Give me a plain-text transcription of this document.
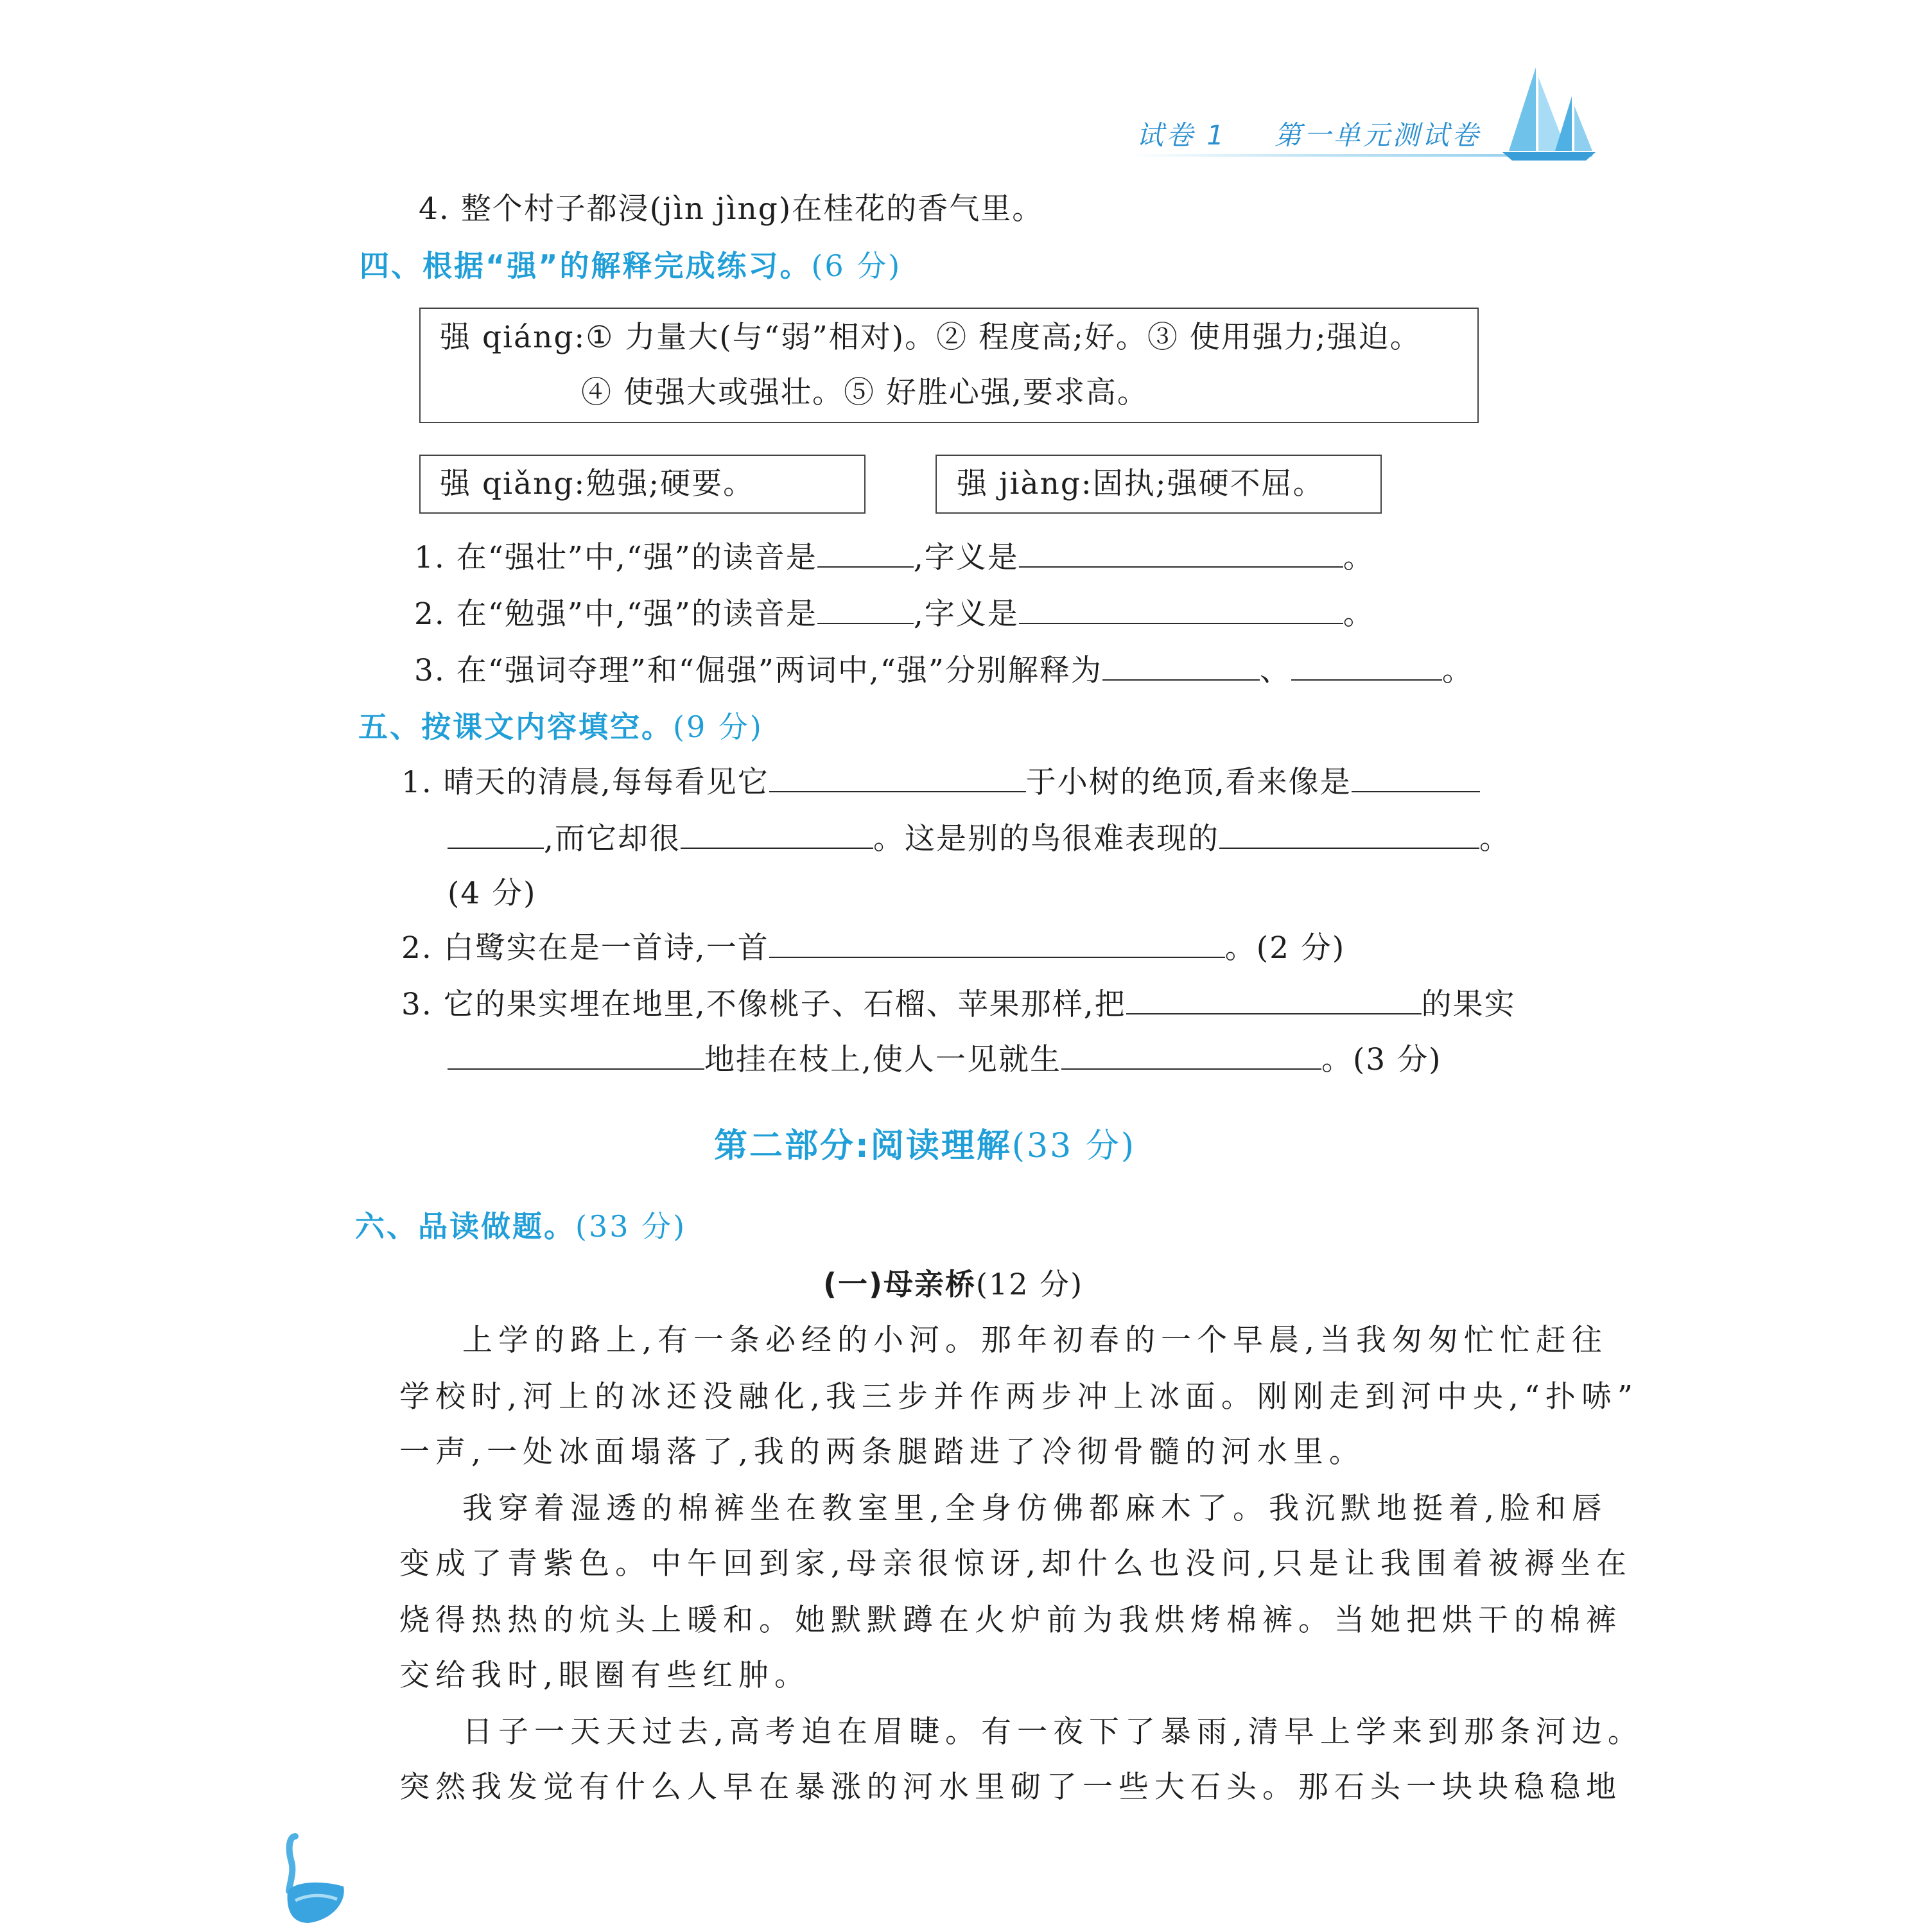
试卷 1 第一单元测试卷
4. 整个村子都浸(jìn jìng)在桂花的香气里。
四、根据“强”的解释完成练习。(6 分)
强 qiáng:① 力量大(与“弱”相对)。② 程度高;好。③ 使用强力;强迫。
④ 使强大或强壮。⑤ 好胜心强,要求高。
强 qiǎng:勉强;硬要。	强 jiàng:固执;强硬不屈。
1. 在“强壮”中,“强”的读音是	,字义是	。
2. 在“勉强”中,“强”的读音是	,字义是	。
3. 在“强词夺理”和“倔强”两词中,“强”分别解释为	、	。
五、按课文内容填空。(9 分)
1. 晴天的清晨,每每看见它	于小树的绝顶,看来像是
,而它却很	。这是别的鸟很难表现的	。
(4 分)
2. 白鹭实在是一首诗,一首	。(2 分)
3. 它的果实埋在地里,不像桃子、石榴、苹果那样,把	的果实
地挂在枝上,使人一见就生	。(3 分)
第二部分:阅读理解(33 分)
六、品读做题。(33 分)
(一)母亲桥(12 分)
上学的路上,有一条必经的小河。那年初春的一个早晨,当我匆匆忙忙赶往
学校时,河上的冰还没融化,我三步并作两步冲上冰面。刚刚走到河中央,“扑哧”
一声,一处冰面塌落了,我的两条腿踏进了冷彻骨髓的河水里。
我穿着湿透的棉裤坐在教室里,全身仿佛都麻木了。我沉默地挺着,脸和唇
变成了青紫色。中午回到家,母亲很惊讶,却什么也没问,只是让我围着被褥坐在
烧得热热的炕头上暖和。她默默蹲在火炉前为我烘烤棉裤。当她把烘干的棉裤
交给我时,眼圈有些红肿。
日子一天天过去,高考迫在眉睫。有一夜下了暴雨,清早上学来到那条河边。
突然我发觉有什么人早在暴涨的河水里砌了一些大石头。那石头一块块稳稳地
